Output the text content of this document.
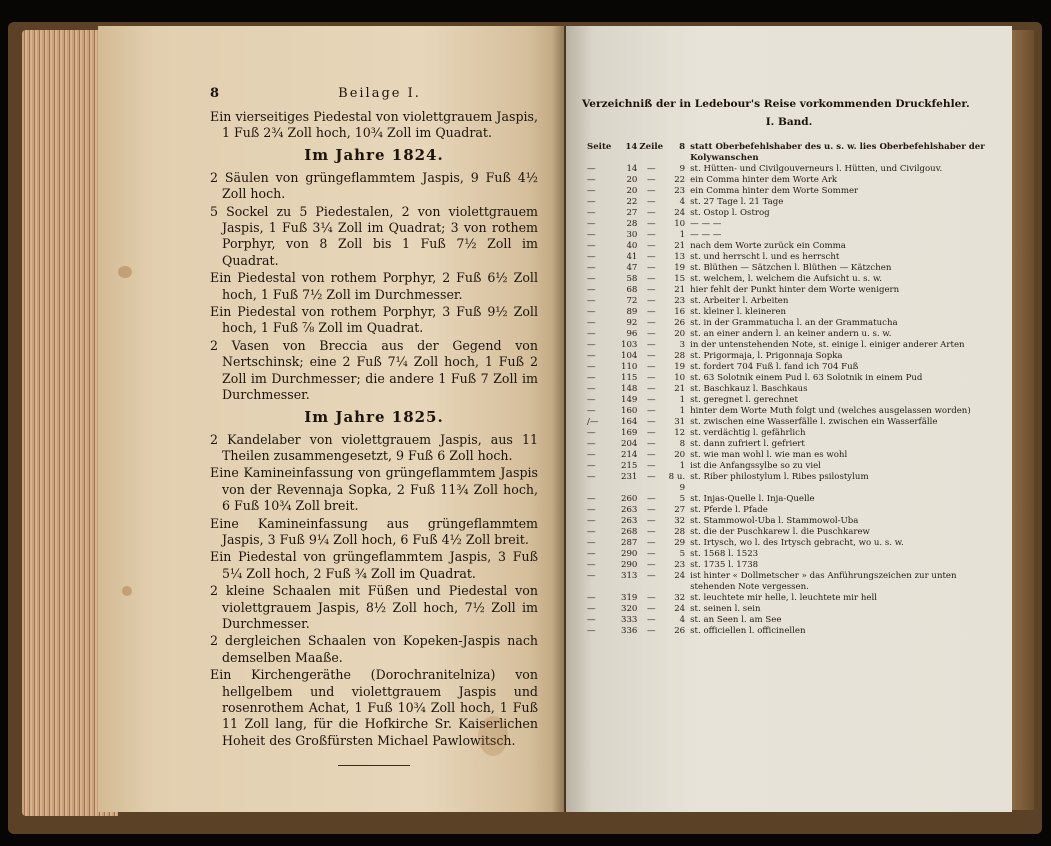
8	Beilage I.

Ein vierseitiges Piedestal von violettgrauem Jaspis, 1 Fuß 2¾ Zoll hoch, 10¾ Zoll im Quadrat.

Im Jahre 1824.

2 Säulen von grüngeflammtem Jaspis, 9 Fuß 4½ Zoll hoch.

5 Sockel zu 5 Piedestalen, 2 von violettgrauem Jaspis, 1 Fuß 3¼ Zoll im Quadrat; 3 von rothem Porphyr, von 8 Zoll bis 1 Fuß 7½ Zoll im Quadrat.

Ein Piedestal von rothem Porphyr, 2 Fuß 6½ Zoll hoch, 1 Fuß 7½ Zoll im Durchmesser.

Ein Piedestal von rothem Porphyr, 3 Fuß 9½ Zoll hoch, 1 Fuß ⅞ Zoll im Quadrat.

2 Vasen von Breccia aus der Gegend von Nertschinsk; eine 2 Fuß 7¼ Zoll hoch, 1 Fuß 2 Zoll im Durchmesser; die andere 1 Fuß 7 Zoll im Durchmesser.

Im Jahre 1825.

2 Kandelaber von violettgrauem Jaspis, aus 11 Theilen zusammengesetzt, 9 Fuß 6 Zoll hoch.

Eine Kamineinfassung von grüngeflammtem Jaspis von der Revennaja Sopka, 2 Fuß 11¾ Zoll hoch, 6 Fuß 10¾ Zoll breit.

Eine Kamineinfassung aus grüngeflammtem Jaspis, 3 Fuß 9¼ Zoll hoch, 6 Fuß 4½ Zoll breit.

Ein Piedestal von grüngeflammtem Jaspis, 3 Fuß 5¼ Zoll hoch, 2 Fuß ¾ Zoll im Quadrat.

2 kleine Schaalen mit Füßen und Piedestal von violettgrauem Jaspis, 8½ Zoll hoch, 7½ Zoll im Durchmesser.

2 dergleichen Schaalen von Kopeken-Jaspis nach demselben Maaße.

Ein Kirchengeräthe (Dorochranitelniza) von hellgelbem und violettgrauem Jaspis und rosenrothem Achat, 1 Fuß 10¾ Zoll hoch, 1 Fuß 11 Zoll lang, für die Hofkirche Sr. Kaiserlichen Hoheit des Großfürsten Michael Pawlowitsch.

Verzeichniß der in Ledebour's Reise vorkommenden Druckfehler.
I. Band.
Seite	14	Zeile	8	statt Oberbefehlshaber des u. s. w. lies Oberbefehlshaber der Kolywanschen
—	14	—	9	st. Hütten- und Civilgouverneurs l. Hütten, und Civilgouv.
—	20	—	22	ein Comma hinter dem Worte Ark
—	20	—	23	ein Comma hinter dem Worte Sommer
—	22	—	4	st. 27 Tage l. 21 Tage
—	27	—	24	st. Ostop l. Ostrog
—	28	—	10	— — —
—	30	—	1	— — —
—	40	—	21	nach dem Worte zurück ein Comma
—	41	—	13	st. und herrscht l. und es herrscht
—	47	—	19	st. Blüthen — Sätzchen l. Blüthen — Kätzchen
—	58	—	15	st. welchem, l. welchem die Aufsicht u. s. w.
—	68	—	21	hier fehlt der Punkt hinter dem Worte wenigern
—	72	—	23	st. Arbeiter l. Arbeiten
—	89	—	16	st. kleiner l. kleineren
—	92	—	26	st. in der Grammatucha l. an der Grammatucha
—	96	—	20	st. an einer andern l. an keiner andern u. s. w.
—	103	—	3	in der untenstehenden Note, st. einige l. einiger anderer Arten
—	104	—	28	st. Prigormaja, l. Prigonnaja Sopka
—	110	—	19	st. fordert 704 Fuß l. fand ich 704 Fuß
—	115	—	10	st. 63 Solotnik einem Pud l. 63 Solotnik in einem Pud
—	148	—	21	st. Baschkauz l. Baschkaus
—	149	—	1	st. geregnet l. gerechnet
—	160	—	1	hinter dem Worte Muth folgt und (welches ausgelassen worden)
/—	164	—	31	st. zwischen eine Wasserfälle l. zwischen ein Wasserfälle
—	169	—	12	st. verdächtig l. gefährlich
—	204	—	8	st. dann zufriert l. gefriert
—	214	—	20	st. wie man wohl l. wie man es wohl
—	215	—	1	ist die Anfangssylbe so zu viel
—	231	—	8 u. 9	st. Riber philostylum l. Ribes psilostylum
—	260	—	5	st. Injas-Quelle l. Inja-Quelle
—	263	—	27	st. Pferde l. Pfade
—	263	—	32	st. Stammowol-Uba l. Stammowol-Uba
—	268	—	28	st. die der Puschkarew l. die Puschkarew
—	287	—	29	st. Irtysch, wo l. des Irtysch gebracht, wo u. s. w.
—	290	—	5	st. 1568 l. 1523
—	290	—	23	st. 1735 l. 1738
—	313	—	24	ist hinter « Dollmetscher » das Anführungszeichen zur unten stehenden Note vergessen.
—	319	—	32	st. leuchtete mir helle, l. leuchtete mir hell
—	320	—	24	st. seinen l. sein
—	333	—	4	st. an Seen l. am See
—	336	—	26	st. officiellen l. officinellen
